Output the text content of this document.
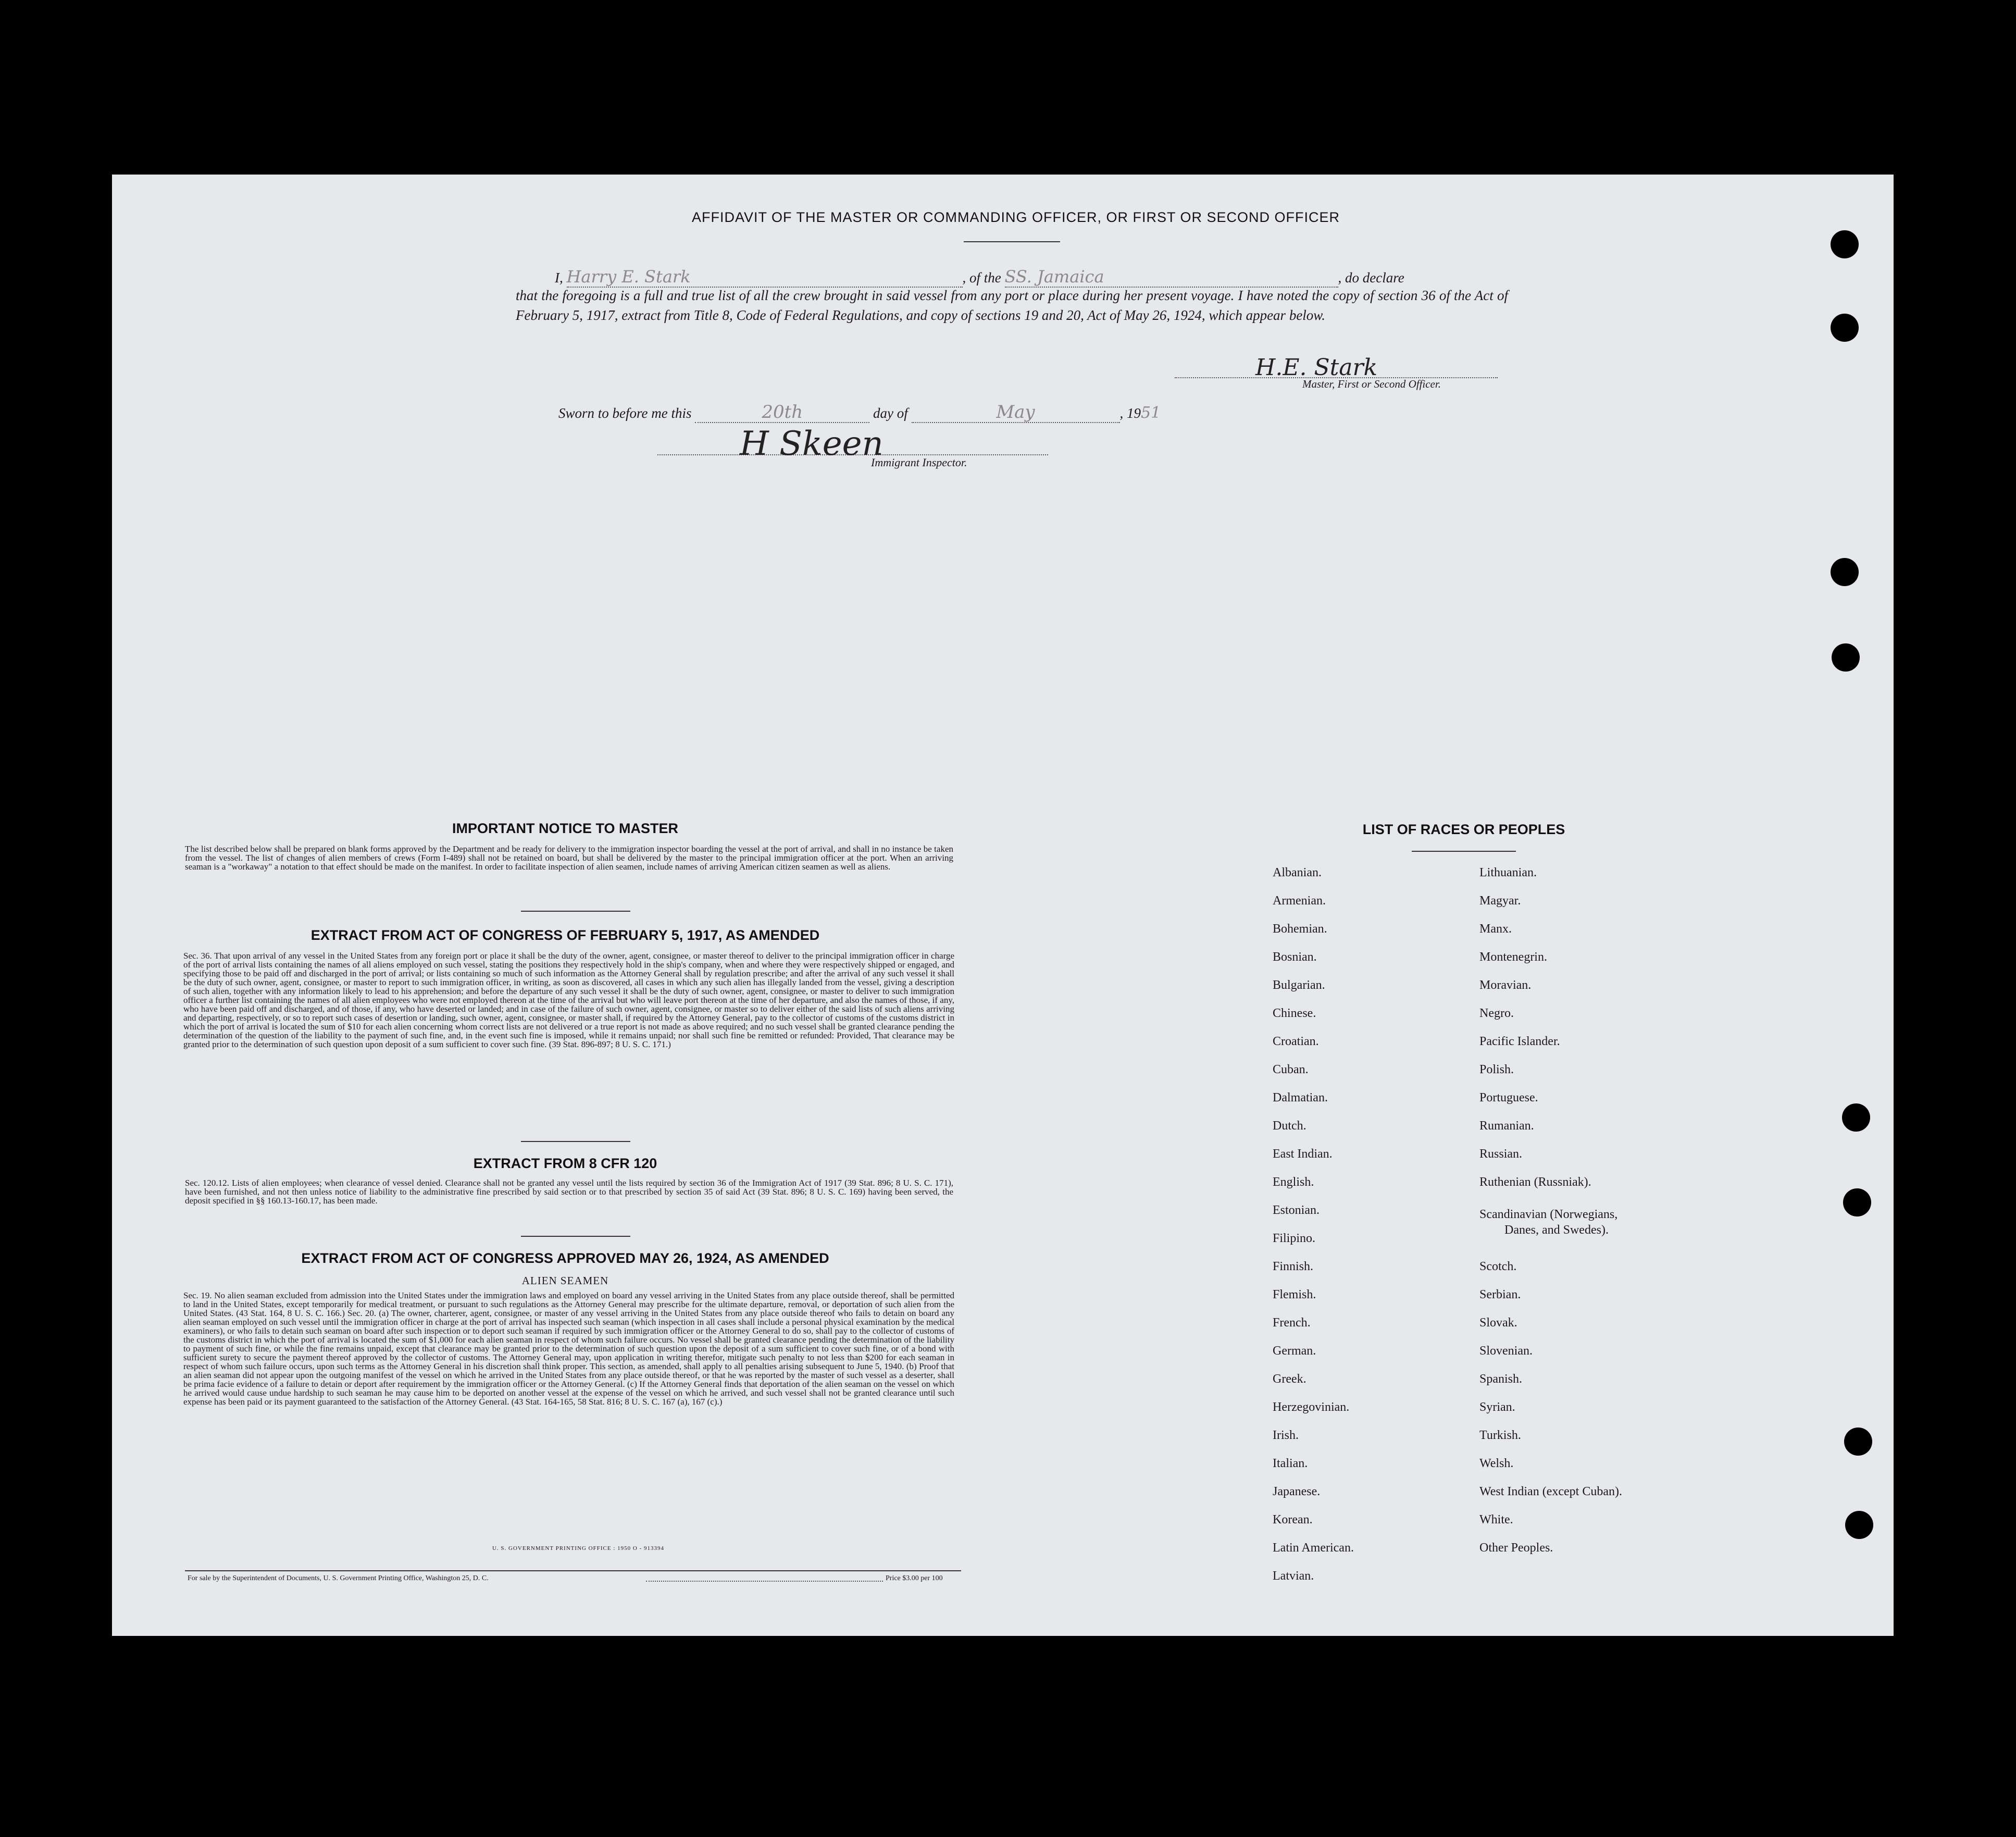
AFFIDAVIT OF THE MASTER OR COMMANDING OFFICER, OR FIRST OR SECOND OFFICER
I, Harry E. Stark	, of the SS. Jamaica	, do declare
that the foregoing is a full and true list of all the crew brought in said vessel from any port or place during her present voyage. I have noted the copy of section 36 of the Act of February 5, 1917, extract from Title 8, Code of Federal Regulations, and copy of sections 19 and 20, Act of May 26, 1924, which appear below.
H.E. Stark
Master, First or Second Officer.
Sworn to before me this	20th	day of	May	, 1951
H Skeen
Immigrant Inspector.
IMPORTANT NOTICE TO MASTER
The list described below shall be prepared on blank forms approved by the Department and be ready for delivery to the immigration inspector boarding the vessel at the port of arrival, and shall in no instance be taken from the vessel. The list of changes of alien members of crews (Form I-489) shall not be retained on board, but shall be delivered by the master to the principal immigration officer at the port. When an arriving seaman is a "workaway" a notation to that effect should be made on the manifest. In order to facilitate inspection of alien seamen, include names of arriving American citizen seamen as well as aliens.
EXTRACT FROM ACT OF CONGRESS OF FEBRUARY 5, 1917, AS AMENDED
Sec. 36. That upon arrival of any vessel in the United States from any foreign port or place it shall be the duty of the owner, agent, consignee, or master thereof to deliver to the principal immigration officer in charge of the port of arrival lists containing the names of all aliens employed on such vessel, stating the positions they respectively hold in the ship's company, when and where they were respectively shipped or engaged, and specifying those to be paid off and discharged in the port of arrival; or lists containing so much of such information as the Attorney General shall by regulation prescribe; and after the arrival of any such vessel it shall be the duty of such owner, agent, consignee, or master to report to such immigration officer, in writing, as soon as discovered, all cases in which any such alien has illegally landed from the vessel, giving a description of such alien, together with any information likely to lead to his apprehension; and before the departure of any such vessel it shall be the duty of such owner, agent, consignee, or master to deliver to such immigration officer a further list containing the names of all alien employees who were not employed thereon at the time of the arrival but who will leave port thereon at the time of her departure, and also the names of those, if any, who have been paid off and discharged, and of those, if any, who have deserted or landed; and in case of the failure of such owner, agent, consignee, or master so to deliver either of the said lists of such aliens arriving and departing, respectively, or so to report such cases of desertion or landing, such owner, agent, consignee, or master shall, if required by the Attorney General, pay to the collector of customs of the customs district in which the port of arrival is located the sum of $10 for each alien concerning whom correct lists are not delivered or a true report is not made as above required; and no such vessel shall be granted clearance pending the determination of the question of the liability to the payment of such fine, and, in the event such fine is imposed, while it remains unpaid; nor shall such fine be remitted or refunded: Provided, That clearance may be granted prior to the determination of such question upon deposit of a sum sufficient to cover such fine. (39 Stat. 896-897; 8 U. S. C. 171.)
EXTRACT FROM 8 CFR 120
Sec. 120.12. Lists of alien employees; when clearance of vessel denied. Clearance shall not be granted any vessel until the lists required by section 36 of the Immigration Act of 1917 (39 Stat. 896; 8 U. S. C. 171), have been furnished, and not then unless notice of liability to the administrative fine prescribed by said section or to that prescribed by section 35 of said Act (39 Stat. 896; 8 U. S. C. 169) having been served, the deposit specified in §§ 160.13-160.17, has been made.
EXTRACT FROM ACT OF CONGRESS APPROVED MAY 26, 1924, AS AMENDED
ALIEN SEAMEN
Sec. 19. No alien seaman excluded from admission into the United States under the immigration laws and employed on board any vessel arriving in the United States from any place outside thereof, shall be permitted to land in the United States, except temporarily for medical treatment, or pursuant to such regulations as the Attorney General may prescribe for the ultimate departure, removal, or deportation of such alien from the United States. (43 Stat. 164, 8 U. S. C. 166.) Sec. 20. (a) The owner, charterer, agent, consignee, or master of any vessel arriving in the United States from any place outside thereof who fails to detain on board any alien seaman employed on such vessel until the immigration officer in charge at the port of arrival has inspected such seaman (which inspection in all cases shall include a personal physical examination by the medical examiners), or who fails to detain such seaman on board after such inspection or to deport such seaman if required by such immigration officer or the Attorney General to do so, shall pay to the collector of customs of the customs district in which the port of arrival is located the sum of $1,000 for each alien seaman in respect of whom such failure occurs. No vessel shall be granted clearance pending the determination of the liability to payment of such fine, or while the fine remains unpaid, except that clearance may be granted prior to the determination of such question upon the deposit of a sum sufficient to cover such fine, or of a bond with sufficient surety to secure the payment thereof approved by the collector of customs. The Attorney General may, upon application in writing therefor, mitigate such penalty to not less than $200 for each seaman in respect of whom such failure occurs, upon such terms as the Attorney General in his discretion shall think proper. This section, as amended, shall apply to all penalties arising subsequent to June 5, 1940. (b) Proof that an alien seaman did not appear upon the outgoing manifest of the vessel on which he arrived in the United States from any place outside thereof, or that he was reported by the master of such vessel as a deserter, shall be prima facie evidence of a failure to detain or deport after requirement by the immigration officer or the Attorney General. (c) If the Attorney General finds that deportation of the alien seaman on the vessel on which he arrived would cause undue hardship to such seaman he may cause him to be deported on another vessel at the expense of the vessel on which he arrived, and such vessel shall not be granted clearance until such expense has been paid or its payment guaranteed to the satisfaction of the Attorney General. (43 Stat. 164-165, 58 Stat. 816; 8 U. S. C. 167 (a), 167 (c).)
U. S. GOVERNMENT PRINTING OFFICE : 1950 O - 913394
For sale by the Superintendent of Documents, U. S. Government Printing Office, Washington 25, D. C.	Price $3.00 per 100
LIST OF RACES OR PEOPLES
Albanian.
Armenian.
Bohemian.
Bosnian.
Bulgarian.
Chinese.
Croatian.
Cuban.
Dalmatian.
Dutch.
East Indian.
English.
Estonian.
Filipino.
Finnish.
Flemish.
French.
German.
Greek.
Herzegovinian.
Irish.
Italian.
Japanese.
Korean.
Latin American.
Latvian.
Lithuanian.
Magyar.
Manx.
Montenegrin.
Moravian.
Negro.
Pacific Islander.
Polish.
Portuguese.
Rumanian.
Russian.
Ruthenian (Russniak).
Scandinavian (Norwegians,
Danes, and Swedes).
Scotch.
Serbian.
Slovak.
Slovenian.
Spanish.
Syrian.
Turkish.
Welsh.
West Indian (except Cuban).
White.
Other Peoples.
